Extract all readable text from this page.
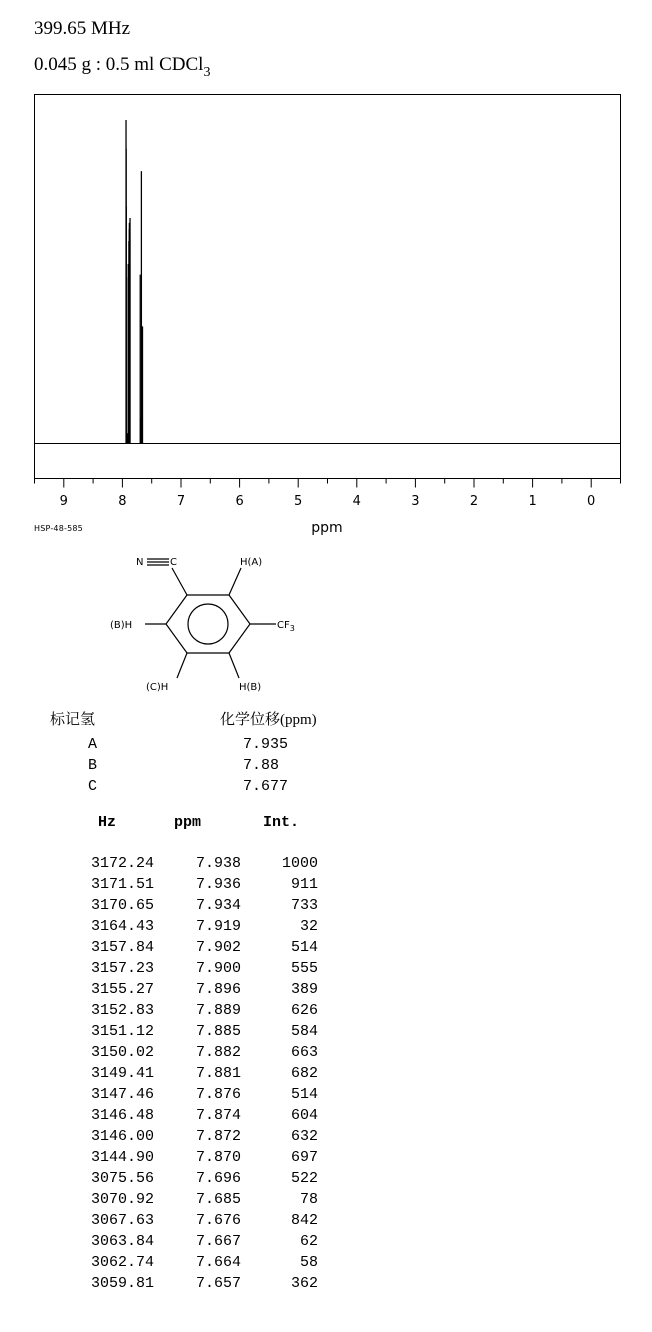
399.65 MHz
0.045 g : 0.5 ml CDCl$_3$
9	8	7	6	5	4	3	2	1	0
ppm
HSP-48-585
N	C	H(A)
(B)H	$CF_3$
(C)H	H(B)
标记氢	化学位移(ppm)
A	7.935
B	7.88
C	7.677
Hz	ppm	Int.
3172.24	7.938	1000
3171.51	7.936	911
3170.65	7.934	733
3164.43	7.919	32
3157.84	7.902	514
3157.23	7.900	555
3155.27	7.896	389
3152.83	7.889	626
3151.12	7.885	584
3150.02	7.882	663
3149.41	7.881	682
3147.46	7.876	514
3146.48	7.874	604
3146.00	7.872	632
3144.90	7.870	697
3075.56	7.696	522
3070.92	7.685	78
3067.63	7.676	842
3063.84	7.667	62
3062.74	7.664	58
3059.81	7.657	362
